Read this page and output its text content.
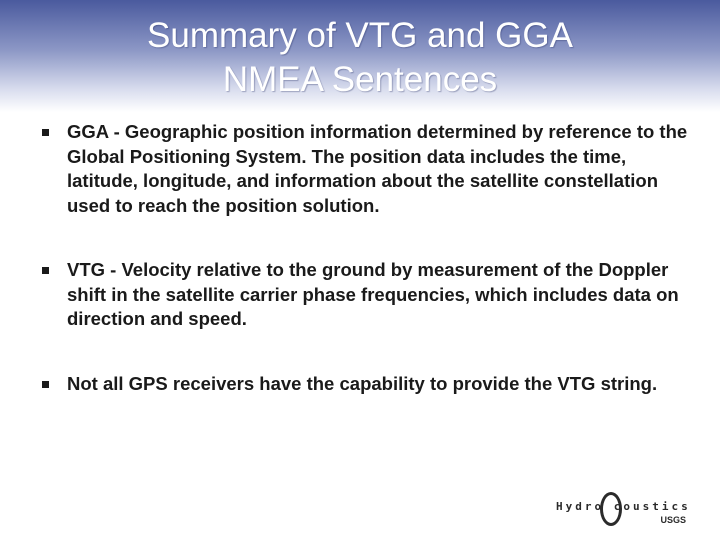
Summary of VTG and GGA
NMEA Sentences
GGA - Geographic position information determined by reference to the Global Positioning System. The position data includes the time, latitude, longitude, and information about the satellite constellation used to reach the position solution.
VTG - Velocity relative to the ground by measurement of the Doppler shift in the satellite carrier phase frequencies, which includes data on direction and speed.
Not all GPS receivers have the capability to provide the VTG string.
Hydro coustics
USGS
